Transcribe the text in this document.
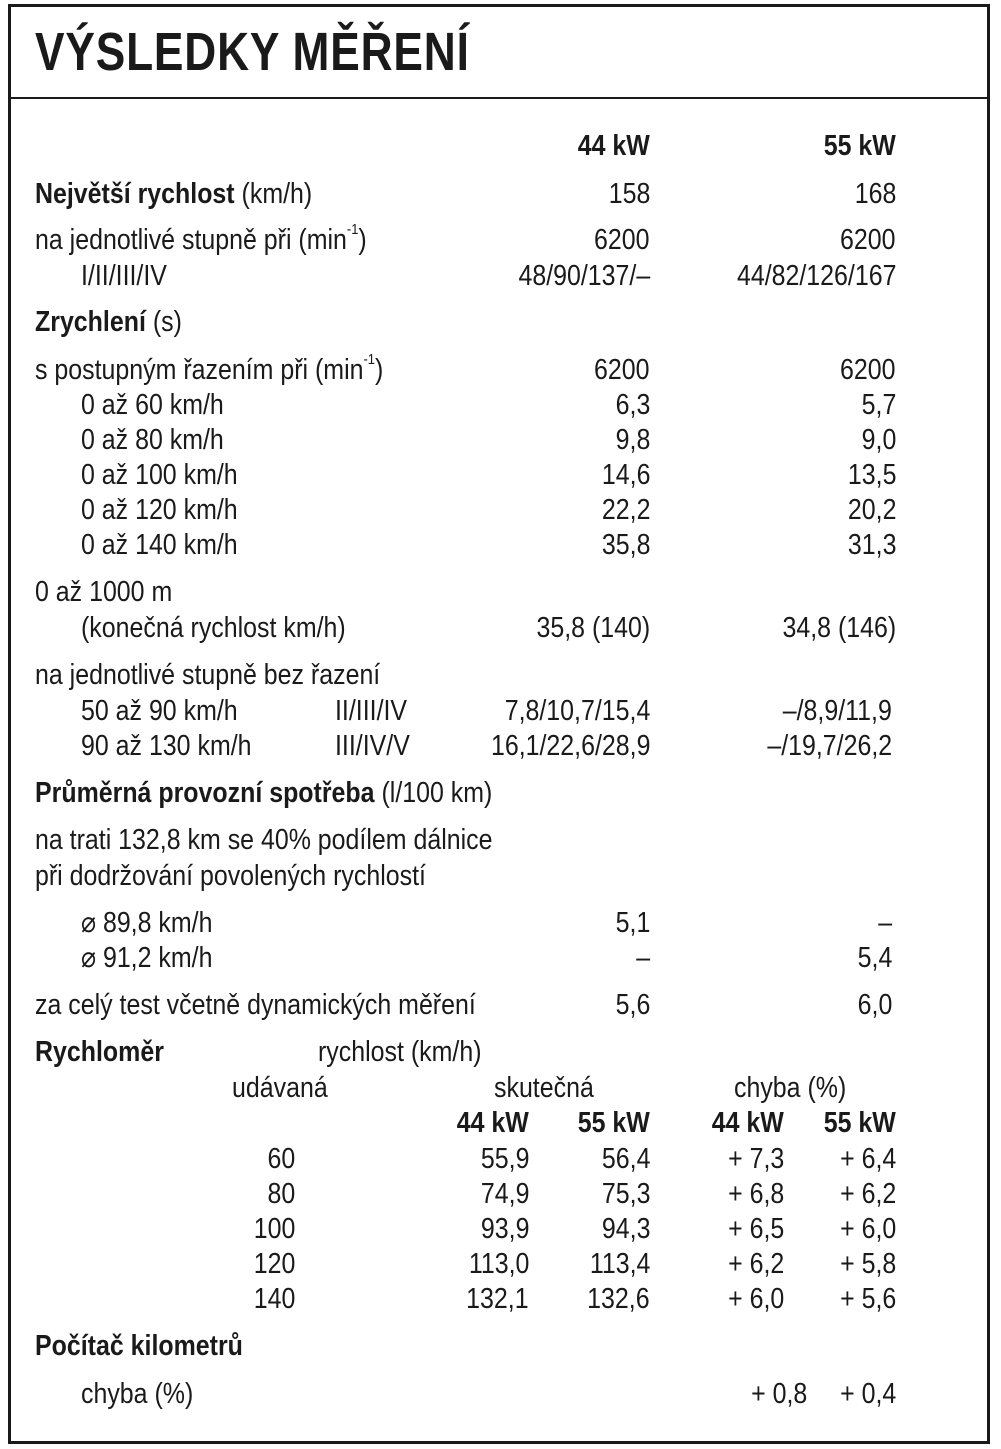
VÝSLEDKY MĚŘENÍ
44 kW	55 kW
Největší rychlost (km/h)	158	168
na jednotlivé stupně při $(\min^{-1})$	6200	6200
I/II/III/IV	48/90/137/–	44/82/126/167
Zrychlení (s)
s postupným řazením při $(\min^{-1})$	6200	6200
0 až 60 km/h	6,3	5,7
0 až 80 km/h	9,8	9,0
0 až 100 km/h	14,6	13,5
0 až 120 km/h	22,2	20,2
0 až 140 km/h	35,8	31,3
0 až 1000 m
(konečná rychlost km/h)	35,8 (140)	34,8 (146)
na jednotlivé stupně bez řazení
50 až 90 km/h	II/III/IV	7,8/10,7/15,4	–/8,9/11,9
90 až 130 km/h	III/IV/V	16,1/22,6/28,9	–/19,7/26,2
Průměrná provozní spotřeba (l/100 km)
na trati 132,8 km se 40% podílem dálnice
při dodržování povolených rychlostí
⌀ 89,8 km/h	5,1	–
⌀ 91,2 km/h	–	5,4
za celý test včetně dynamických měření	5,6	6,0
Rychloměr	rychlost (km/h)
udávaná	skutečná	chyba (%)
44 kW 55 kW 44 kW 55 kW
60	55,9 56,4	+ 7,3 + 6,4
80	74,9 75,3	+ 6,8 + 6,2
100	93,9 94,3	+ 6,5 + 6,0
120	113,0 113,4	+ 6,2 + 5,8
140	132,1 132,6	+ 6,0 + 5,6
Počítač kilometrů
chyba (%)	+ 0,8 + 0,4
